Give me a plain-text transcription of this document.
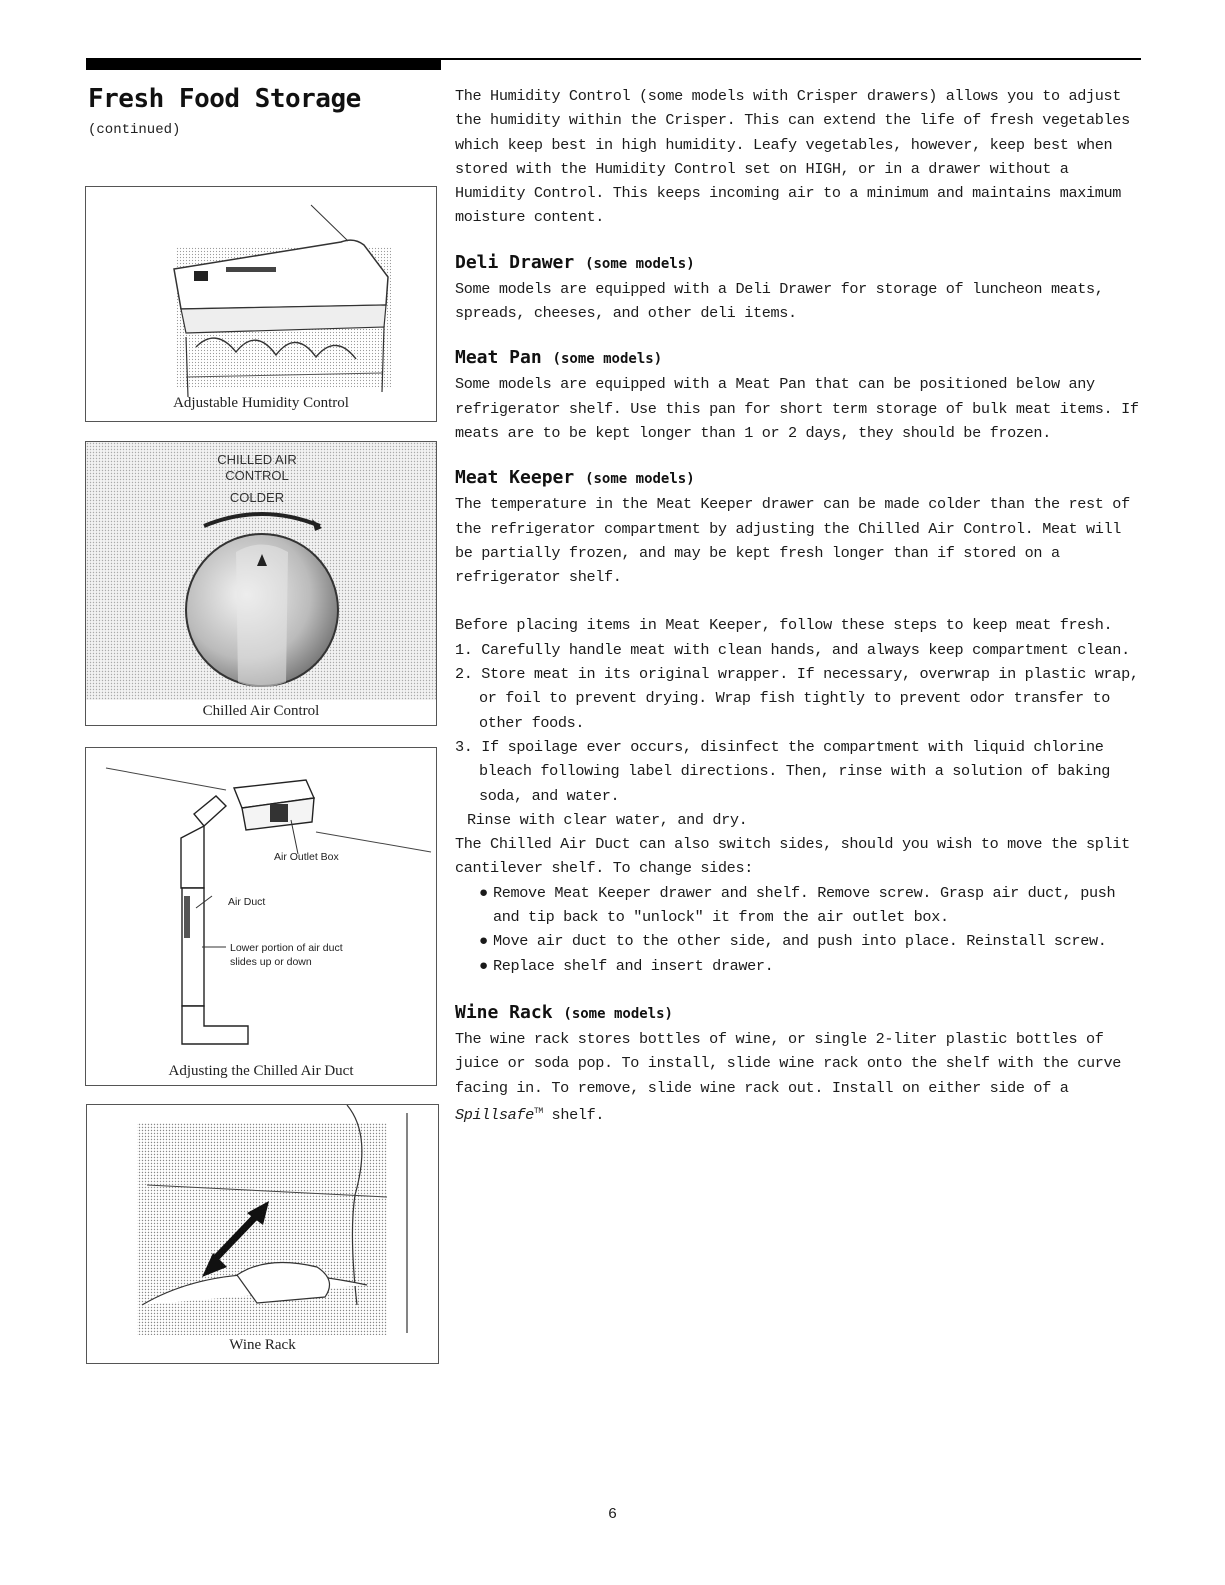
Fresh Food Storage
(continued)
Adjustable Humidity Control
CHILLED AIR
CONTROL
COLDER
Chilled Air Control
Air Outlet Box
Air Duct
Lower portion of air duct
slides up or down
Adjusting the Chilled Air Duct
Wine Rack

The Humidity Control (some models with Crisper drawers) allows you to adjust the humidity within the Crisper. This can extend the life of fresh vegetables which keep best in high humidity. Leafy vegetables, however, keep best when stored with the Humidity Control set on HIGH, or in a drawer without a Humidity Control. This keeps incoming air to a minimum and maintains maximum moisture content.

Deli Drawer (some models)

Some models are equipped with a Deli Drawer for storage of luncheon meats, spreads, cheeses, and other deli items.

Meat Pan (some models)

Some models are equipped with a Meat Pan that can be positioned below any refrigerator shelf. Use this pan for short term storage of bulk meat items. If meats are to be kept longer than 1 or 2 days, they should be frozen.

Meat Keeper (some models)

The temperature in the Meat Keeper drawer can be made colder than the rest of the refrigerator compartment by adjusting the Chilled Air Control. Meat will be partially frozen, and may be kept fresh longer than if stored on a refrigerator shelf.

Before placing items in Meat Keeper, follow these steps to keep meat fresh.

1. Carefully handle meat with clean hands, and always keep compartment clean.
2. Store meat in its original wrapper. If necessary, overwrap in plastic wrap, or foil to prevent drying. Wrap fish tightly to prevent odor transfer to other foods.
3. If spoilage ever occurs, disinfect the compartment with liquid chlorine bleach following label directions. Then, rinse with a solution of baking soda, and water.

Rinse with clear water, and dry.

The Chilled Air Duct can also switch sides, should you wish to move the split cantilever shelf. To change sides:

● Remove Meat Keeper drawer and shelf. Remove screw. Grasp air duct, push and tip back to "unlock" it from the air outlet box.
● Move air duct to the other side, and push into place. Reinstall screw.
● Replace shelf and insert drawer.
Wine Rack (some models)

The wine rack stores bottles of wine, or single 2-liter plastic bottles of juice or soda pop. To install, slide wine rack onto the shelf with the curve facing in. To remove, slide wine rack out. Install on either side of a Spillsafe™ shelf.

6
